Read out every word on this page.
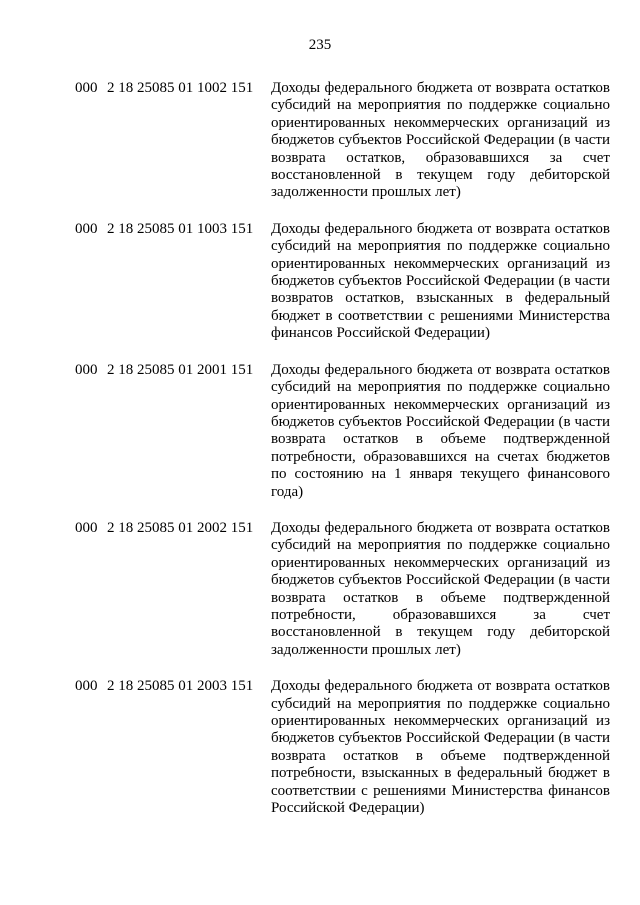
235
000 2 18 25085 01 1002 151	Доходы федерального бюджета от возврата остатков субсидий на мероприятия по поддержке социально ориентированных некоммерческих организаций из бюджетов субъектов Российской Федерации (в части возврата остатков, образовавшихся за счет восстановленной в текущем году дебиторской задолженности прошлых лет)
000 2 18 25085 01 1003 151	Доходы федерального бюджета от возврата остатков субсидий на мероприятия по поддержке социально ориентированных некоммерческих организаций из бюджетов субъектов Российской Федерации (в части возвратов остатков, взысканных в федеральный бюджет в соответствии с решениями Министерства финансов Российской Федерации)
000 2 18 25085 01 2001 151	Доходы федерального бюджета от возврата остатков субсидий на мероприятия по поддержке социально ориентированных некоммерческих организаций из бюджетов субъектов Российской Федерации (в части возврата остатков в объеме подтвержденной потребности, образовавшихся на счетах бюджетов по состоянию на 1 января текущего финансового года)
000 2 18 25085 01 2002 151	Доходы федерального бюджета от возврата остатков субсидий на мероприятия по поддержке социально ориентированных некоммерческих организаций из бюджетов субъектов Российской Федерации (в части возврата остатков в объеме подтвержденной потребности, образовавшихся за счет восстановленной в текущем году дебиторской задолженности прошлых лет)
000 2 18 25085 01 2003 151	Доходы федерального бюджета от возврата остатков субсидий на мероприятия по поддержке социально ориентированных некоммерческих организаций из бюджетов субъектов Российской Федерации (в части возврата остатков в объеме подтвержденной потребности, взысканных в федеральный бюджет в соответствии с решениями Министерства финансов Российской Федерации)
